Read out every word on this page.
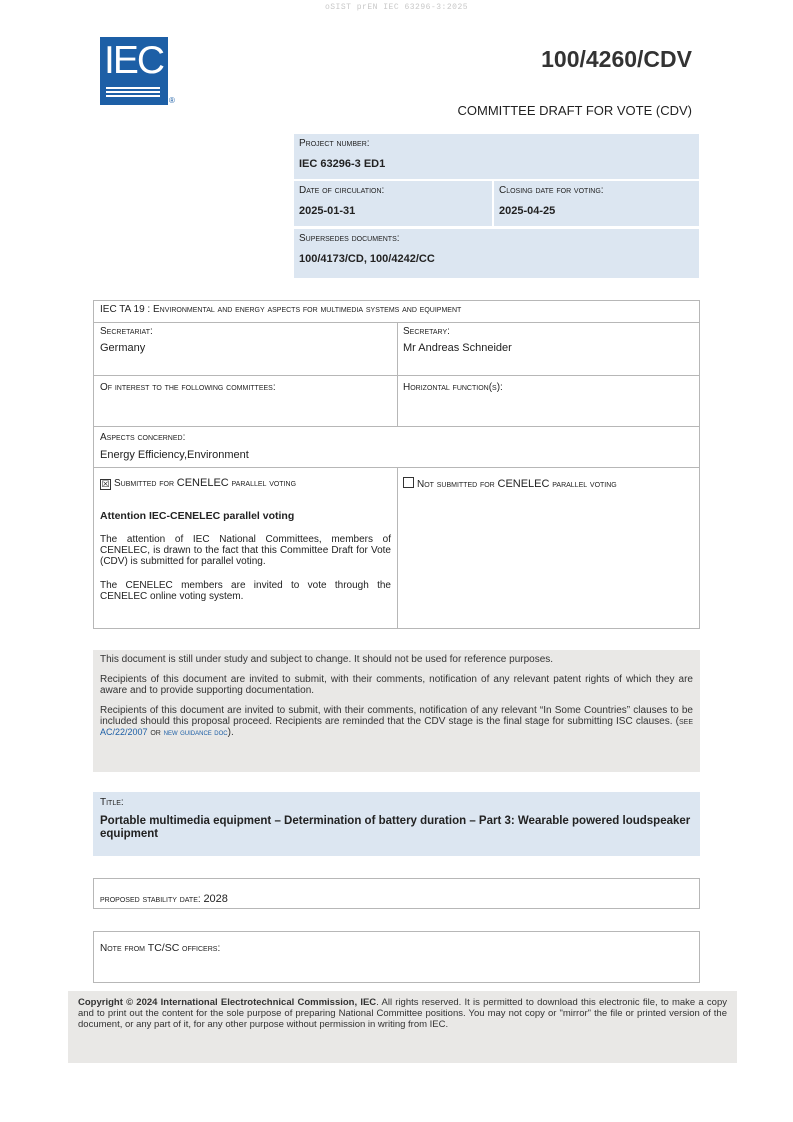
oSIST prEN IEC 63296-3:2025
IEC
®
100/4260/CDV
COMMITTEE DRAFT FOR VOTE (CDV)
Project number:
IEC 63296-3 ED1
Date of circulation:
2025-01-31
Closing date for voting:
2025-04-25
Supersedes documents:
100/4173/CD, 100/4242/CC
IEC TA 19 : Environmental and energy aspects for multimedia systems and equipment
Secretariat:
Germany
Secretary:
Mr Andreas Schneider
Of interest to the following committees:	Horizontal function(s):
Aspects concerned:
Energy Efficiency,Environment
☒ Submitted for CENELEC parallel voting
Attention IEC-CENELEC parallel voting
The attention of IEC National Committees, members of CENELEC, is drawn to the fact that this Committee Draft for Vote (CDV) is submitted for parallel voting.
The CENELEC members are invited to vote through the CENELEC online voting system.
Not submitted for CENELEC parallel voting

This document is still under study and subject to change. It should not be used for reference purposes.

Recipients of this document are invited to submit, with their comments, notification of any relevant patent rights of which they are aware and to provide supporting documentation.

Recipients of this document are invited to submit, with their comments, notification of any relevant “In Some Countries” clauses to be included should this proposal proceed. Recipients are reminded that the CDV stage is the final stage for submitting ISC clauses. (see AC/22/2007 or new guidance doc).

Title:
Portable multimedia equipment – Determination of battery duration – Part 3: Wearable powered loudspeaker equipment
proposed stability date: 2028
Note from TC/SC officers:
Copyright © 2024 International Electrotechnical Commission, IEC. All rights reserved. It is permitted to download this electronic file, to make a copy and to print out the content for the sole purpose of preparing National Committee positions. You may not copy or "mirror" the file or printed version of the document, or any part of it, for any other purpose without permission in writing from IEC.
